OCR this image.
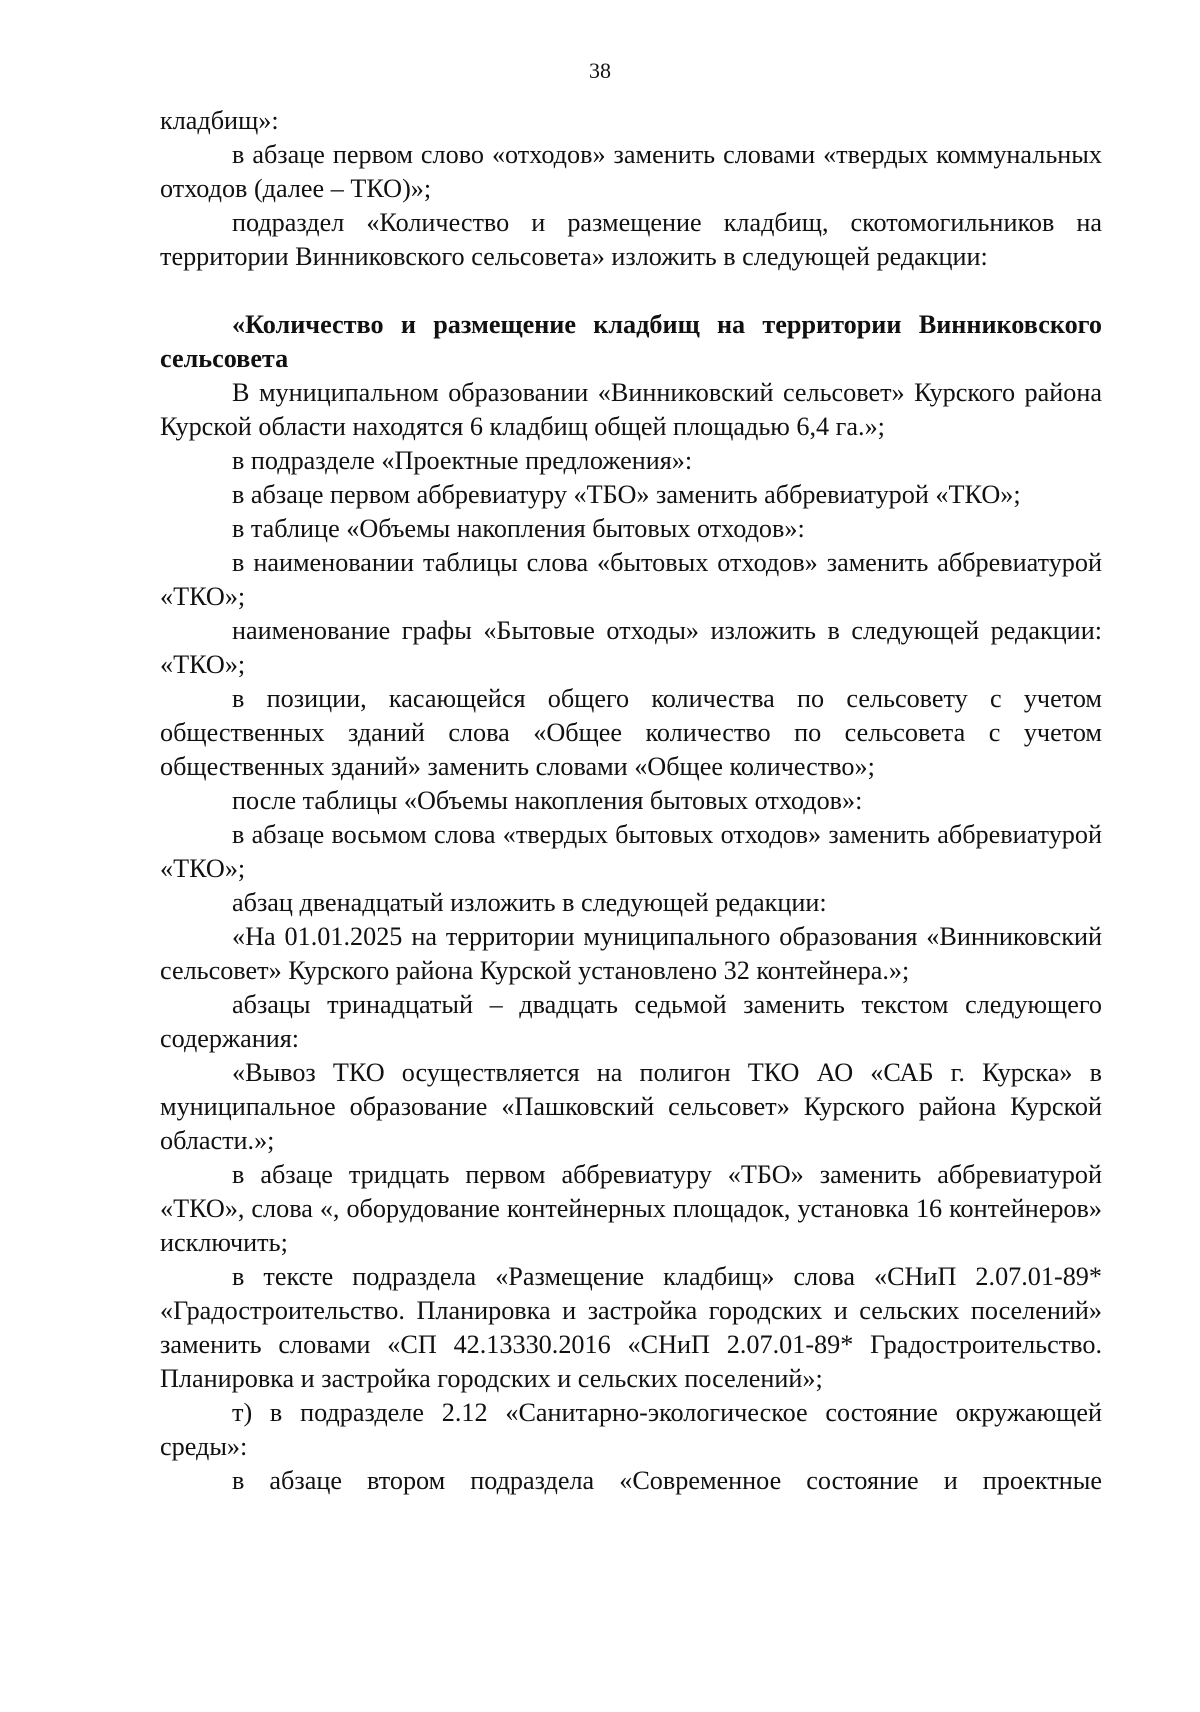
38

кладбищ»:

в абзаце первом слово «отходов» заменить словами «твердых коммунальных отходов (далее – ТКО)»;

подраздел «Количество и размещение кладбищ, скотомогильников на территории Винниковского сельсовета» изложить в следующей редакции:

«Количество и размещение кладбищ на территории Винниковского сельсовета

В муниципальном образовании «Винниковский сельсовет» Курского района Курской области находятся 6 кладбищ общей площадью 6,4 га.»;

в подразделе «Проектные предложения»:

в абзаце первом аббревиатуру «ТБО» заменить аббревиатурой «ТКО»;

в таблице «Объемы накопления бытовых отходов»:

в наименовании таблицы слова «бытовых отходов» заменить аббревиатурой «ТКО»;

наименование графы «Бытовые отходы» изложить в следующей редакции: «ТКО»;

в позиции, касающейся общего количества по сельсовету с учетом общественных зданий слова «Общее количество по сельсовета с учетом общественных зданий» заменить словами «Общее количество»;

после таблицы «Объемы накопления бытовых отходов»:

в абзаце восьмом слова «твердых бытовых отходов» заменить аббревиатурой «ТКО»;

абзац двенадцатый изложить в следующей редакции:

«На 01.01.2025 на территории муниципального образования «Винниковский сельсовет» Курского района Курской установлено 32 контейнера.»;

абзацы тринадцатый – двадцать седьмой заменить текстом следующего содержания:

«Вывоз ТКО осуществляется на полигон ТКО АО «САБ г. Курска» в муниципальное образование «Пашковский сельсовет» Курского района Курской области.»;

в абзаце тридцать первом аббревиатуру «ТБО» заменить аббревиатурой «ТКО», слова «, оборудование контейнерных площадок, установка 16 контейнеров» исключить;

в тексте подраздела «Размещение кладбищ» слова «СНиП 2.07.01-89* «Градостроительство. Планировка и застройка городских и сельских поселений» заменить словами «СП 42.13330.2016 «СНиП 2.07.01-89* Градостроительство. Планировка и застройка городских и сельских поселений»;

т) в подразделе 2.12 «Санитарно-экологическое состояние окружающей среды»:

в абзаце втором подраздела «Современное состояние и проектные
